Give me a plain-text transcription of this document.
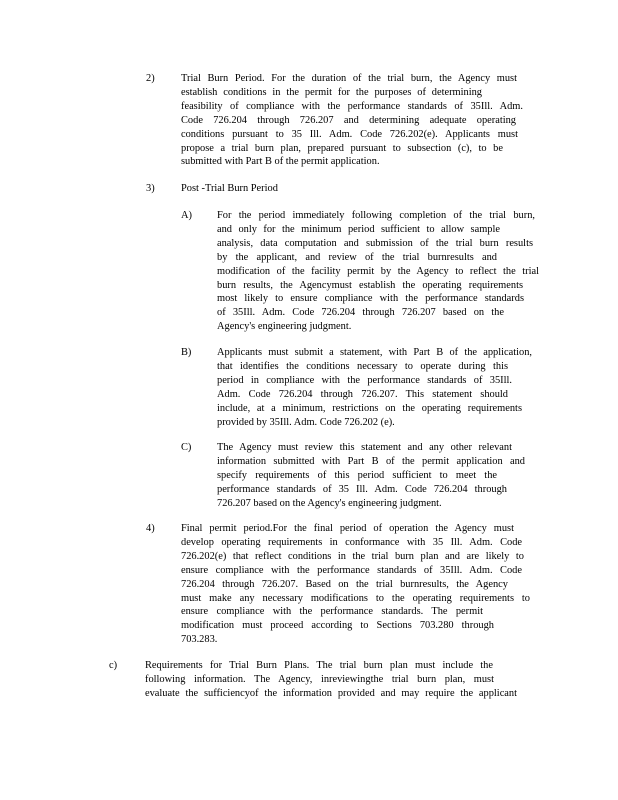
2)	Trial Burn Period. For the duration of the trial burn, the Agency must
establish conditions in the permit for the purposes of determining
feasibility of compliance with the performance standards of 35Ill. Adm.
Code 726.204 through 726.207 and determining adequate operating
conditions pursuant to 35 Ill. Adm. Code 726.202(e). Applicants must
propose a trial burn plan, prepared pursuant to subsection (c), to be
submitted with Part B of the permit application.
3)	Post -Trial Burn Period
A) For the period immediately following completion of the trial burn,
and only for the minimum period sufficient to allow sample
analysis, data computation and submission of the trial burn results
by the applicant, and review of the trial burnresults and
modification of the facility permit by the Agency to reflect the trial
burn results, the Agencymust establish the operating requirements
most likely to ensure compliance with the performance standards
of 35Ill. Adm. Code 726.204 through 726.207 based on the
Agency's engineering judgment.
B) Applicants must submit a statement, with Part B of the application,
that identifies the conditions necessary to operate during this
period in compliance with the performance standards of 35Ill.
Adm. Code 726.204 through 726.207. This statement should
include, at a minimum, restrictions on the operating requirements
provided by 35Ill. Adm. Code 726.202 (e).
C) The Agency must review this statement and any other relevant
information submitted with Part B of the permit application and
specify requirements of this period sufficient to meet the
performance standards of 35 Ill. Adm. Code 726.204 through
726.207 based on the Agency's engineering judgment.
4)	Final permit period.For the final period of operation the Agency must
develop operating requirements in conformance with 35 Ill. Adm. Code
726.202(e) that reflect conditions in the trial burn plan and are likely to
ensure compliance with the performance standards of 35Ill. Adm. Code
726.204 through 726.207. Based on the trial burnresults, the Agency
must make any necessary modifications to the operating requirements to
ensure compliance with the performance standards. The permit
modification must proceed according to Sections 703.280 through
703.283.
c)	Requirements for Trial Burn Plans. The trial burn plan must include the
following information. The Agency, inreviewingthe trial burn plan, must
evaluate the sufficiencyof the information provided and may require the applicant
